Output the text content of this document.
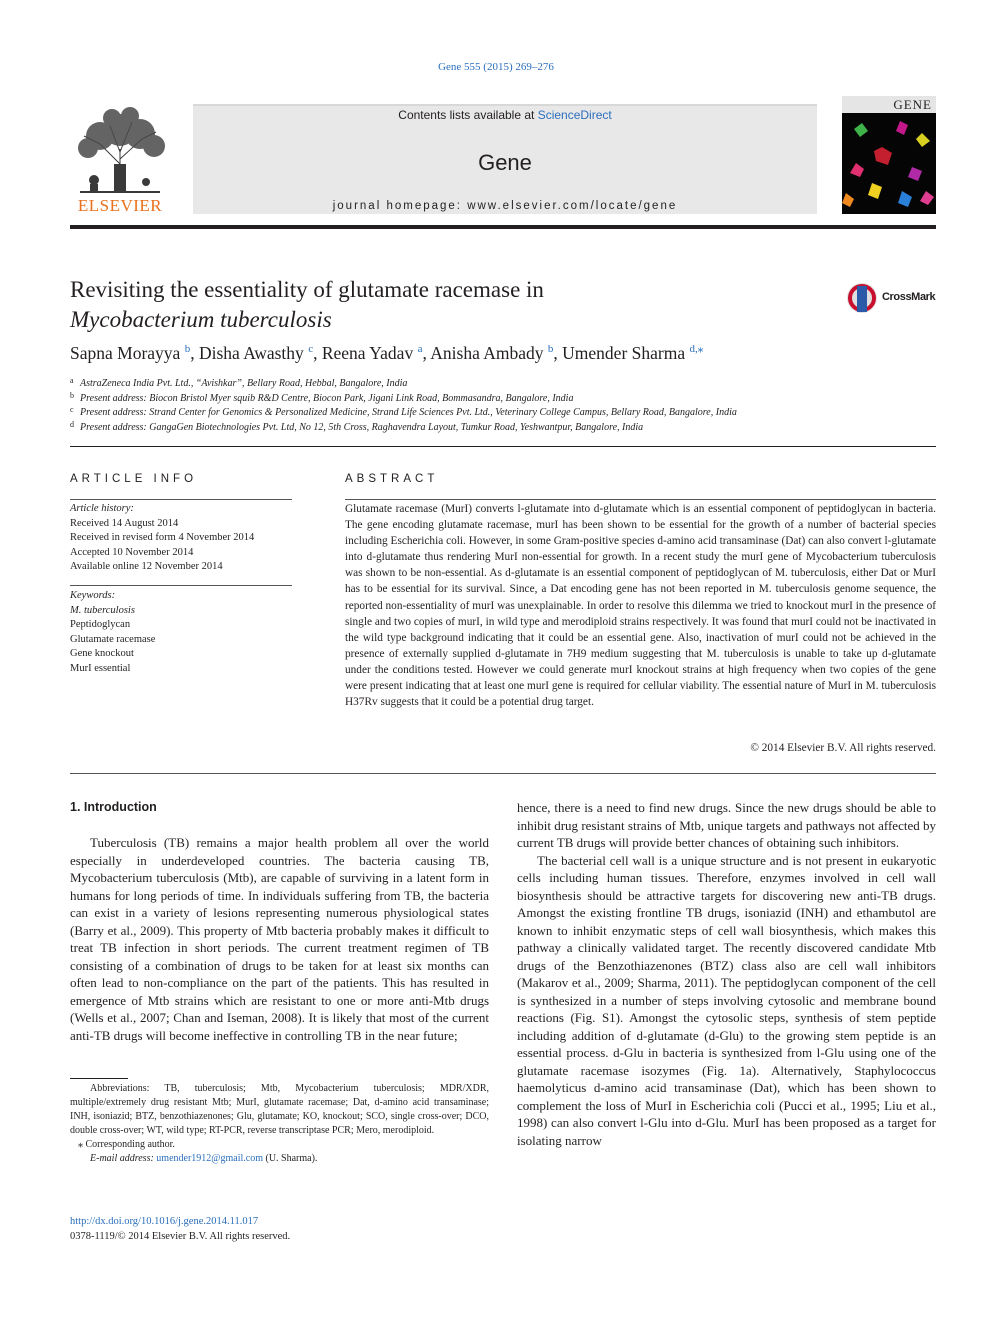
Gene 555 (2015) 269–276
ELSEVIER
Contents lists available at ScienceDirect
Gene
journal homepage: www.elsevier.com/locate/gene
GENE
Revisiting the essentiality of glutamate racemase in
Mycobacterium tuberculosis
CrossMark
Sapna Morayya $^b$, Disha Awasthy $^c$, Reena Yadav $^a$, Anisha Ambady $^b$, Umender Sharma $^{d,⁎}$
a AstraZeneca India Pvt. Ltd., “Avishkar”, Bellary Road, Hebbal, Bangalore, India
b Present address: Biocon Bristol Myer squib R&D Centre, Biocon Park, Jigani Link Road, Bommasandra, Bangalore, India
c Present address: Strand Center for Genomics & Personalized Medicine, Strand Life Sciences Pvt. Ltd., Veterinary College Campus, Bellary Road, Bangalore, India
d Present address: GangaGen Biotechnologies Pvt. Ltd, No 12, 5th Cross, Raghavendra Layout, Tumkur Road, Yeshwantpur, Bangalore, India
ARTICLE INFO	ABSTRACT
Article history:
Received 14 August 2014
Received in revised form 4 November 2014
Accepted 10 November 2014
Available online 12 November 2014
Keywords:
M. tuberculosis
Peptidoglycan
Glutamate racemase
Gene knockout
MurI essential
Glutamate racemase (MurI) converts l-glutamate into d-glutamate which is an essential component of peptidoglycan in bacteria. The gene encoding glutamate racemase, murI has been shown to be essential for the growth of a number of bacterial species including Escherichia coli. However, in some Gram-positive species d-amino acid transaminase (Dat) can also convert l-glutamate into d-glutamate thus rendering MurI non-essential for growth. In a recent study the murI gene of Mycobacterium tuberculosis was shown to be non-essential. As d-glutamate is an essential component of peptidoglycan of M. tuberculosis, either Dat or MurI has to be essential for its survival. Since, a Dat encoding gene has not been reported in M. tuberculosis genome sequence, the reported non-essentiality of murI was unexplainable. In order to resolve this dilemma we tried to knockout murI in the presence of single and two copies of murI, in wild type and merodiploid strains respectively. It was found that murI could not be inactivated in the wild type background indicating that it could be an essential gene. Also, inactivation of murI could not be achieved in the presence of externally supplied d-glutamate in 7H9 medium suggesting that M. tuberculosis is unable to take up d-glutamate under the conditions tested. However we could generate murI knockout strains at high frequency when two copies of the gene were present indicating that at least one murI gene is required for cellular viability. The essential nature of MurI in M. tuberculosis H37Rv suggests that it could be a potential drug target.
© 2014 Elsevier B.V. All rights reserved.
1. Introduction

Tuberculosis (TB) remains a major health problem all over the world especially in underdeveloped countries. The bacteria causing TB, Mycobacterium tuberculosis (Mtb), are capable of surviving in a latent form in humans for long periods of time. In individuals suffering from TB, the bacteria can exist in a variety of lesions representing numerous physiological states (Barry et al., 2009). This property of Mtb bacteria probably makes it difficult to treat TB infection in short periods. The current treatment regimen of TB consisting of a combination of drugs to be taken for at least six months can often lead to non-compliance on the part of the patients. This has resulted in emergence of Mtb strains which are resistant to one or more anti-Mtb drugs (Wells et al., 2007; Chan and Iseman, 2008). It is likely that most of the current anti-TB drugs will become ineffective in controlling TB in the near future;

hence, there is a need to find new drugs. Since the new drugs should be able to inhibit drug resistant strains of Mtb, unique targets and pathways not affected by current TB drugs will provide better chances of obtaining such inhibitors.

The bacterial cell wall is a unique structure and is not present in eukaryotic cells including human tissues. Therefore, enzymes involved in cell wall biosynthesis should be attractive targets for discovering new anti-TB drugs. Amongst the existing frontline TB drugs, isoniazid (INH) and ethambutol are known to inhibit enzymatic steps of cell wall biosynthesis, which makes this pathway a clinically validated target. The recently discovered candidate Mtb drugs of the Benzothiazenones (BTZ) class also are cell wall inhibitors (Makarov et al., 2009; Sharma, 2011). The peptidoglycan component of the cell is synthesized in a number of steps involving cytosolic and membrane bound reactions (Fig. S1). Amongst the cytosolic steps, synthesis of stem peptide including addition of d-glutamate (d-Glu) to the growing stem peptide is an essential process. d-Glu in bacteria is synthesized from l-Glu using one of the glutamate racemase isozymes (Fig. 1a). Alternatively, Staphylococcus haemolyticus d-amino acid transaminase (Dat), which has been shown to complement the loss of MurI in Escherichia coli (Pucci et al., 1995; Liu et al., 1998) can also convert l-Glu into d-Glu. MurI has been proposed as a target for isolating narrow

Abbreviations: TB, tuberculosis; Mtb, Mycobacterium tuberculosis; MDR/XDR, multiple/extremely drug resistant Mtb; MurI, glutamate racemase; Dat, d-amino acid transaminase; INH, isoniazid; BTZ, benzothiazenones; Glu, glutamate; KO, knockout; SCO, single cross-over; DCO, double cross-over; WT, wild type; RT-PCR, reverse transcriptase PCR; Mero, merodiploid.

⁎ Corresponding author.

E-mail address: umender1912@gmail.com (U. Sharma).

http://dx.doi.org/10.1016/j.gene.2014.11.017
0378-1119/© 2014 Elsevier B.V. All rights reserved.
